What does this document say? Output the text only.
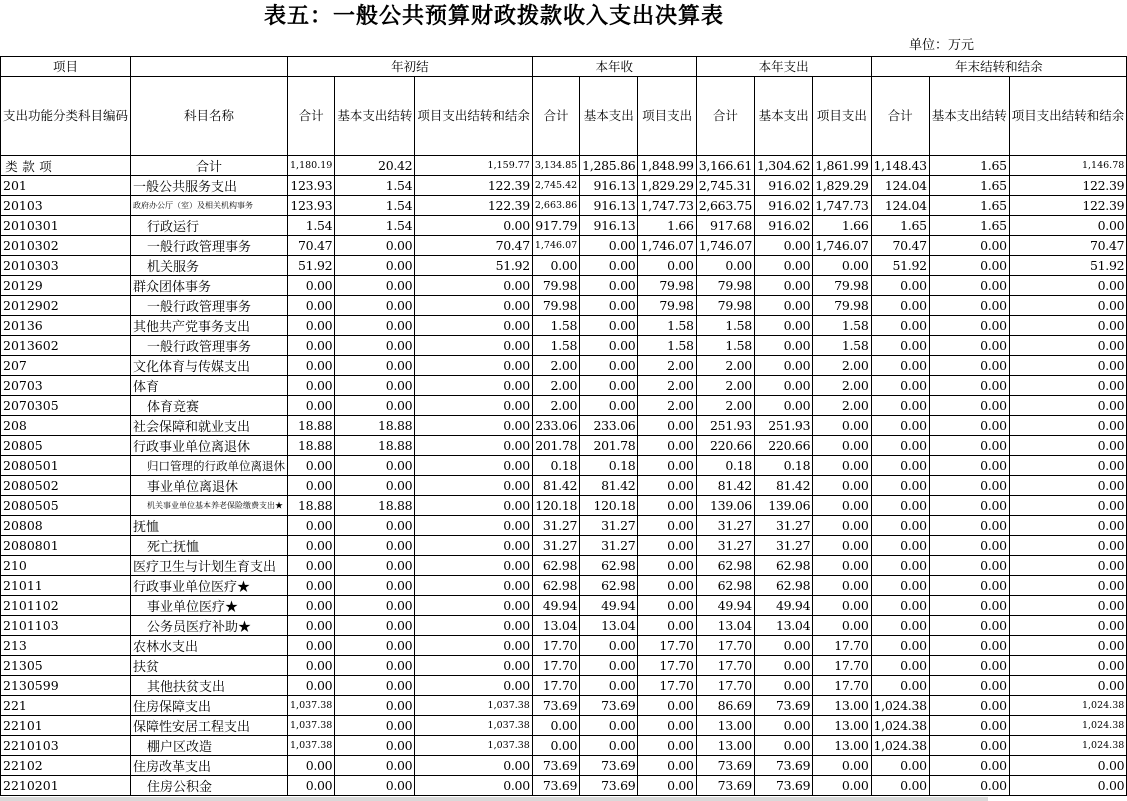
表五：一般公共预算财政拨款收入支出决算表
单位：万元
项目		年初结			本年收			本年支出			年末结转和结余		
支出功能分类科目编码	科目名称	合计	基本支出结转	项目支出结转和结余	合计	基本支出	项目支出	合计	基本支出	项目支出	合计	基本支出结转	项目支出结转和结余
类 款 项	合计	1,180.19	20.42	1,159.77	3,134.85	1,285.86	1,848.99	3,166.61	1,304.62	1,861.99	1,148.43	1.65	1,146.78
201	一般公共服务支出	123.93	1.54	122.39	2,745.42	916.13	1,829.29	2,745.31	916.02	1,829.29	124.04	1.65	122.39
20103	政府办公厅（室）及相关机构事务	123.93	1.54	122.39	2,663.86	916.13	1,747.73	2,663.75	916.02	1,747.73	124.04	1.65	122.39
2010301	行政运行	1.54	1.54	0.00	917.79	916.13	1.66	917.68	916.02	1.66	1.65	1.65	0.00
2010302	一般行政管理事务	70.47	0.00	70.47	1,746.07	0.00	1,746.07	1,746.07	0.00	1,746.07	70.47	0.00	70.47
2010303	机关服务	51.92	0.00	51.92	0.00	0.00	0.00	0.00	0.00	0.00	51.92	0.00	51.92
20129	群众团体事务	0.00	0.00	0.00	79.98	0.00	79.98	79.98	0.00	79.98	0.00	0.00	0.00
2012902	一般行政管理事务	0.00	0.00	0.00	79.98	0.00	79.98	79.98	0.00	79.98	0.00	0.00	0.00
20136	其他共产党事务支出	0.00	0.00	0.00	1.58	0.00	1.58	1.58	0.00	1.58	0.00	0.00	0.00
2013602	一般行政管理事务	0.00	0.00	0.00	1.58	0.00	1.58	1.58	0.00	1.58	0.00	0.00	0.00
207	文化体育与传媒支出	0.00	0.00	0.00	2.00	0.00	2.00	2.00	0.00	2.00	0.00	0.00	0.00
20703	体育	0.00	0.00	0.00	2.00	0.00	2.00	2.00	0.00	2.00	0.00	0.00	0.00
2070305	体育竞赛	0.00	0.00	0.00	2.00	0.00	2.00	2.00	0.00	2.00	0.00	0.00	0.00
208	社会保障和就业支出	18.88	18.88	0.00	233.06	233.06	0.00	251.93	251.93	0.00	0.00	0.00	0.00
20805	行政事业单位离退休	18.88	18.88	0.00	201.78	201.78	0.00	220.66	220.66	0.00	0.00	0.00	0.00
2080501	归口管理的行政单位离退休	0.00	0.00	0.00	0.18	0.18	0.00	0.18	0.18	0.00	0.00	0.00	0.00
2080502	事业单位离退休	0.00	0.00	0.00	81.42	81.42	0.00	81.42	81.42	0.00	0.00	0.00	0.00
2080505	机关事业单位基本养老保险缴费支出★	18.88	18.88	0.00	120.18	120.18	0.00	139.06	139.06	0.00	0.00	0.00	0.00
20808	抚恤	0.00	0.00	0.00	31.27	31.27	0.00	31.27	31.27	0.00	0.00	0.00	0.00
2080801	死亡抚恤	0.00	0.00	0.00	31.27	31.27	0.00	31.27	31.27	0.00	0.00	0.00	0.00
210	医疗卫生与计划生育支出	0.00	0.00	0.00	62.98	62.98	0.00	62.98	62.98	0.00	0.00	0.00	0.00
21011	行政事业单位医疗★	0.00	0.00	0.00	62.98	62.98	0.00	62.98	62.98	0.00	0.00	0.00	0.00
2101102	事业单位医疗★	0.00	0.00	0.00	49.94	49.94	0.00	49.94	49.94	0.00	0.00	0.00	0.00
2101103	公务员医疗补助★	0.00	0.00	0.00	13.04	13.04	0.00	13.04	13.04	0.00	0.00	0.00	0.00
213	农林水支出	0.00	0.00	0.00	17.70	0.00	17.70	17.70	0.00	17.70	0.00	0.00	0.00
21305	扶贫	0.00	0.00	0.00	17.70	0.00	17.70	17.70	0.00	17.70	0.00	0.00	0.00
2130599	其他扶贫支出	0.00	0.00	0.00	17.70	0.00	17.70	17.70	0.00	17.70	0.00	0.00	0.00
221	住房保障支出	1,037.38	0.00	1,037.38	73.69	73.69	0.00	86.69	73.69	13.00	1,024.38	0.00	1,024.38
22101	保障性安居工程支出	1,037.38	0.00	1,037.38	0.00	0.00	0.00	13.00	0.00	13.00	1,024.38	0.00	1,024.38
2210103	棚户区改造	1,037.38	0.00	1,037.38	0.00	0.00	0.00	13.00	0.00	13.00	1,024.38	0.00	1,024.38
22102	住房改革支出	0.00	0.00	0.00	73.69	73.69	0.00	73.69	73.69	0.00	0.00	0.00	0.00
2210201	住房公积金	0.00	0.00	0.00	73.69	73.69	0.00	73.69	73.69	0.00	0.00	0.00	0.00
